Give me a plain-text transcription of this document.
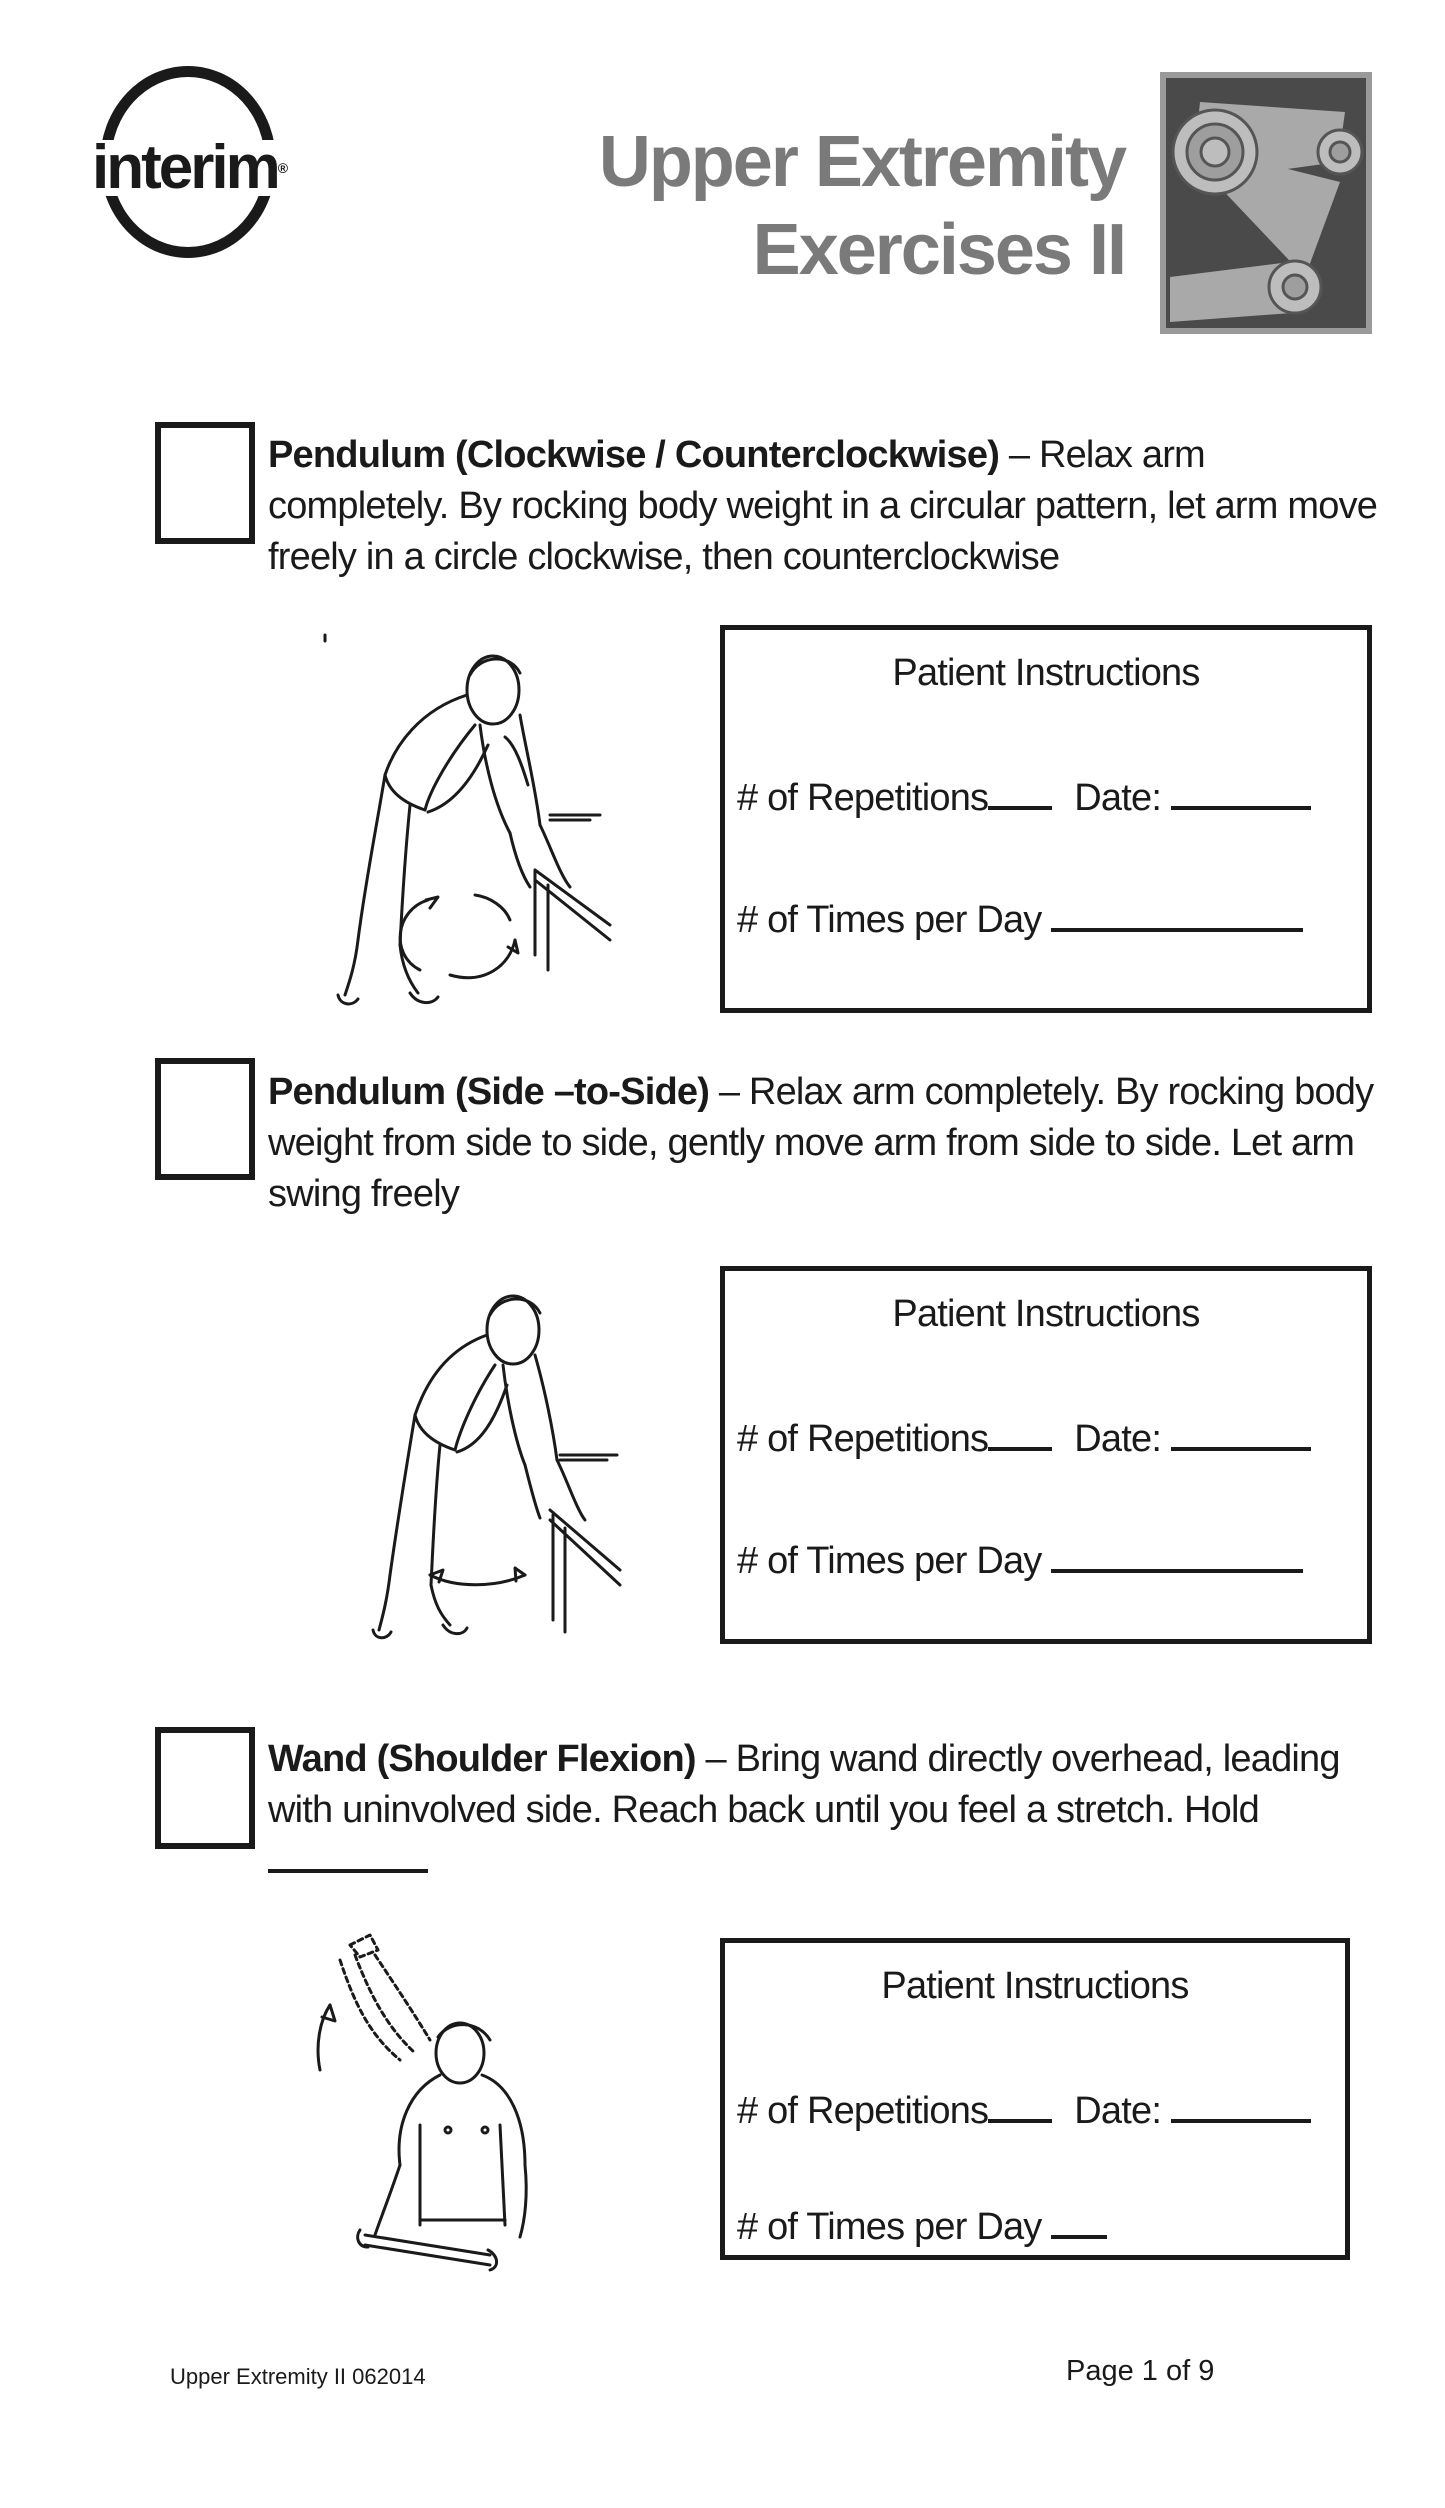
interim®	Upper Extremity
Exercises II
Pendulum (Clockwise / Counterclockwise) – Relax arm completely. By rocking body weight in a circular pattern, let arm move freely in a circle clockwise, then counterclockwise
Patient Instructions
# of Repetitions Date:
# of Times per Day
Pendulum (Side –to-Side) – Relax arm completely. By rocking body weight from side to side, gently move arm from side to side. Let arm swing freely
Patient Instructions
# of Repetitions Date:
# of Times per Day
Wand (Shoulder Flexion) – Bring wand directly overhead, leading with uninvolved side. Reach back until you feel a stretch. Hold
Patient Instructions
# of Repetitions Date:
# of Times per Day
Upper Extremity II 062014	Page 1 of 9
